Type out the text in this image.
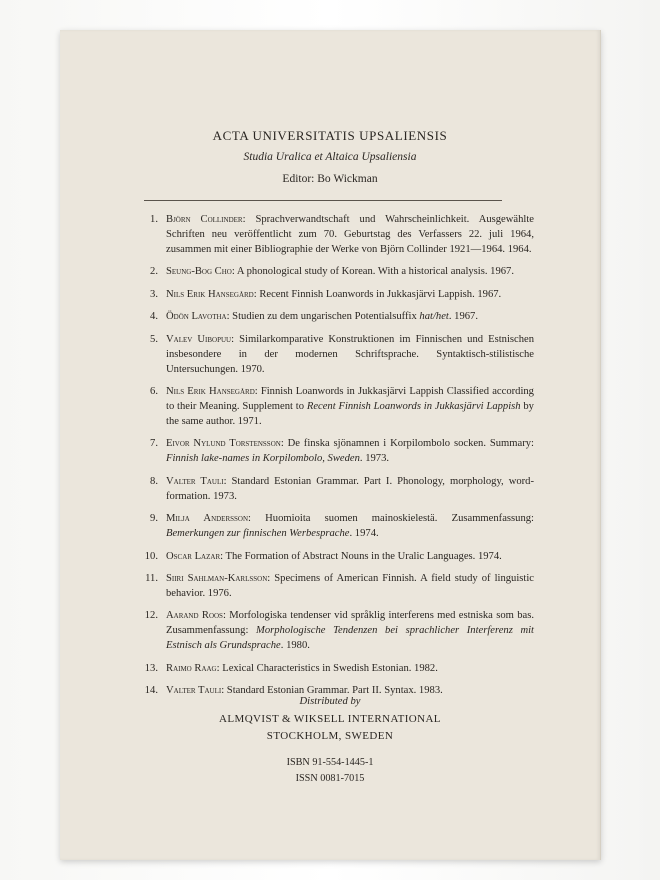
ACTA UNIVERSITATIS UPSALIENSIS
Studia Uralica et Altaica Upsaliensia
Editor: Bo Wickman
1. Björn Collinder: Sprachverwandtschaft und Wahrscheinlichkeit. Ausgewählte Schriften neu veröffentlicht zum 70. Geburtstag des Verfassers 22. juli 1964, zusammen mit einer Bibliographie der Werke von Björn Collinder 1921—1964. 1964.
2. Seung-Bog Cho: A phonological study of Korean. With a historical analysis. 1967.
3. Nils Erik Hansegård: Recent Finnish Loanwords in Jukkasjärvi Lappish. 1967.
4. Ödön Lavotha: Studien zu dem ungarischen Potentialsuffix hat/het. 1967.
5. Valev Uibopuu: Similarkomparative Konstruktionen im Finnischen und Estnischen insbesondere in der modernen Schriftsprache. Syntaktisch-stilistische Untersuchungen. 1970.
6. Nils Erik Hansegård: Finnish Loanwords in Jukkasjärvi Lappish Classified according to their Meaning. Supplement to Recent Finnish Loanwords in Jukkasjärvi Lappish by the same author. 1971.
7. Eivor Nylund Torstensson: De finska sjönamnen i Korpilombolo socken. Summary: Finnish lake-names in Korpilombolo, Sweden. 1973.
8. Valter Tauli: Standard Estonian Grammar. Part I. Phonology, morphology, word-formation. 1973.
9. Milja Andersson: Huomioita suomen mainoskielestä. Zusammenfassung: Bemerkungen zur finnischen Werbesprache. 1974.
10. Oscar Lazar: The Formation of Abstract Nouns in the Uralic Languages. 1974.
11. Siiri Sahlman-Karlsson: Specimens of American Finnish. A field study of linguistic behavior. 1976.
12. Aarand Roos: Morfologiska tendenser vid språklig interferens med estniska som bas. Zusammenfassung: Morphologische Tendenzen bei sprachlicher Interferenz mit Estnisch als Grundsprache. 1980.
13. Raimo Raag: Lexical Characteristics in Swedish Estonian. 1982.
14. Valter Tauli: Standard Estonian Grammar. Part II. Syntax. 1983.
Distributed by
ALMQVIST & WIKSELL INTERNATIONAL
STOCKHOLM, SWEDEN
ISBN 91-554-1445-1
ISSN 0081-7015
